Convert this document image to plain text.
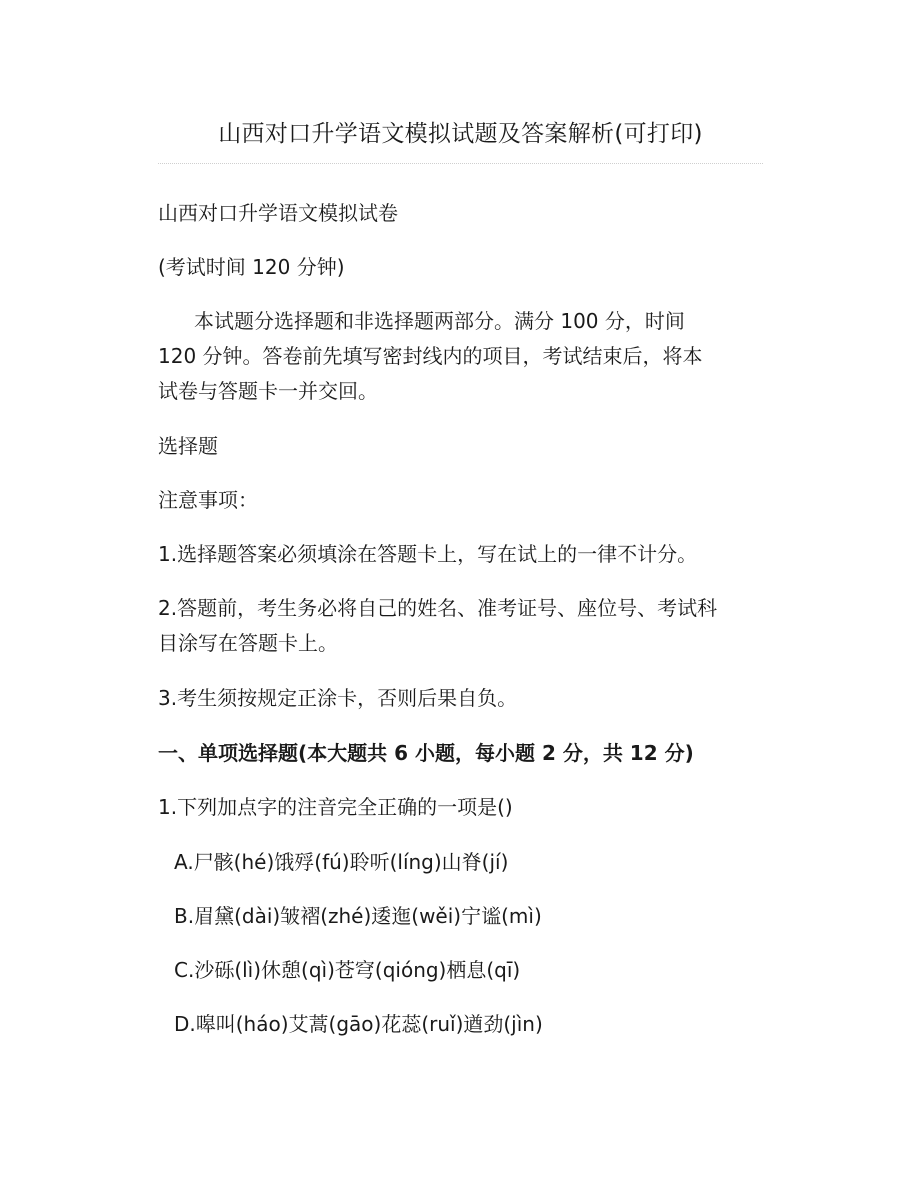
山西对口升学语文模拟试题及答案解析(可打印)
山西对口升学语文模拟试卷
(考试时间 120 分钟)
本试题分选择题和非选择题两部分。满分 100 分，时间
120 分钟。答卷前先填写密封线内的项目，考试结束后，将本
试卷与答题卡一并交回。
选择题
注意事项：
1.选择题答案必须填涂在答题卡上，写在试上的一律不计分。
2.答题前，考生务必将自己的姓名、准考证号、座位号、考试科
目涂写在答题卡上。
3.考生须按规定正涂卡，否则后果自负。
一、单项选择题(本大题共 6 小题，每小题 2 分，共 12 分)
1.下列加点字的注音完全正确的一项是()
A.尸骸(hé)饿殍(fú)聆听(líng)山脊(jí)
B.眉黛(dài)皱褶(zhé)逶迤(wěi)宁谧(mì)
C.沙砾(lì)休憩(qì)苍穹(qióng)栖息(qī)
D.嗥叫(háo)艾蒿(gāo)花蕊(ruǐ)遒劲(jìn)
